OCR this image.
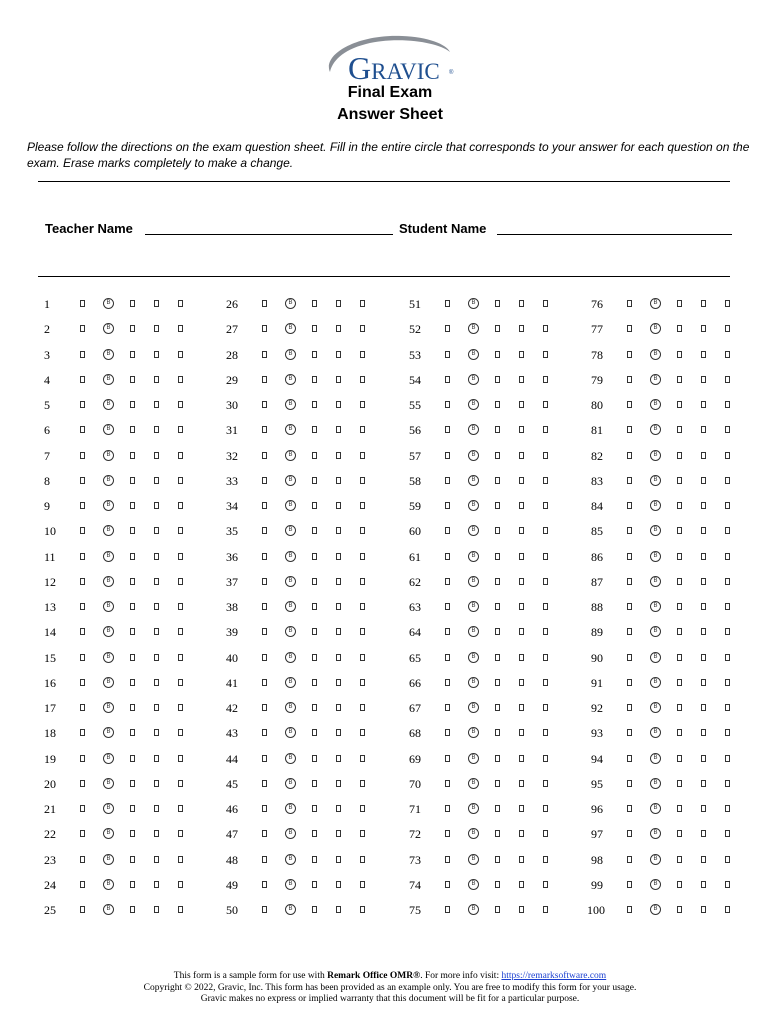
GRAVIC ®
Final Exam
Answer Sheet
Please follow the directions on the exam question sheet. Fill in the entire circle that corresponds to your answer for each question on the exam. Erase marks completely to make a change.
Teacher Name	Student Name
1	B
2	B
3	B
4	B
5	B
6	B
7	B
8	B
9	B
10	B
11	B
12	B
13	B
14	B
15	B
16	B
17	B
18	B
19	B
20	B
21	B
22	B
23	B
24	B
25	B
26	B
27	B
28	B
29	B
30	B
31	B
32	B
33	B
34	B
35	B
36	B
37	B
38	B
39	B
40	B
41	B
42	B
43	B
44	B
45	B
46	B
47	B
48	B
49	B
50	B
51	B
52	B
53	B
54	B
55	B
56	B
57	B
58	B
59	B
60	B
61	B
62	B
63	B
64	B
65	B
66	B
67	B
68	B
69	B
70	B
71	B
72	B
73	B
74	B
75	B
76	B
77	B
78	B
79	B
80	B
81	B
82	B
83	B
84	B
85	B
86	B
87	B
88	B
89	B
90	B
91	B
92	B
93	B
94	B
95	B
96	B
97	B
98	B
99	B
100	B
This form is a sample form for use with Remark Office OMR®. For more info visit: https://remarksoftware.com
Copyright © 2022, Gravic, Inc. This form has been provided as an example only. You are free to modify this form for your usage.
Gravic makes no express or implied warranty that this document will be fit for a particular purpose.
